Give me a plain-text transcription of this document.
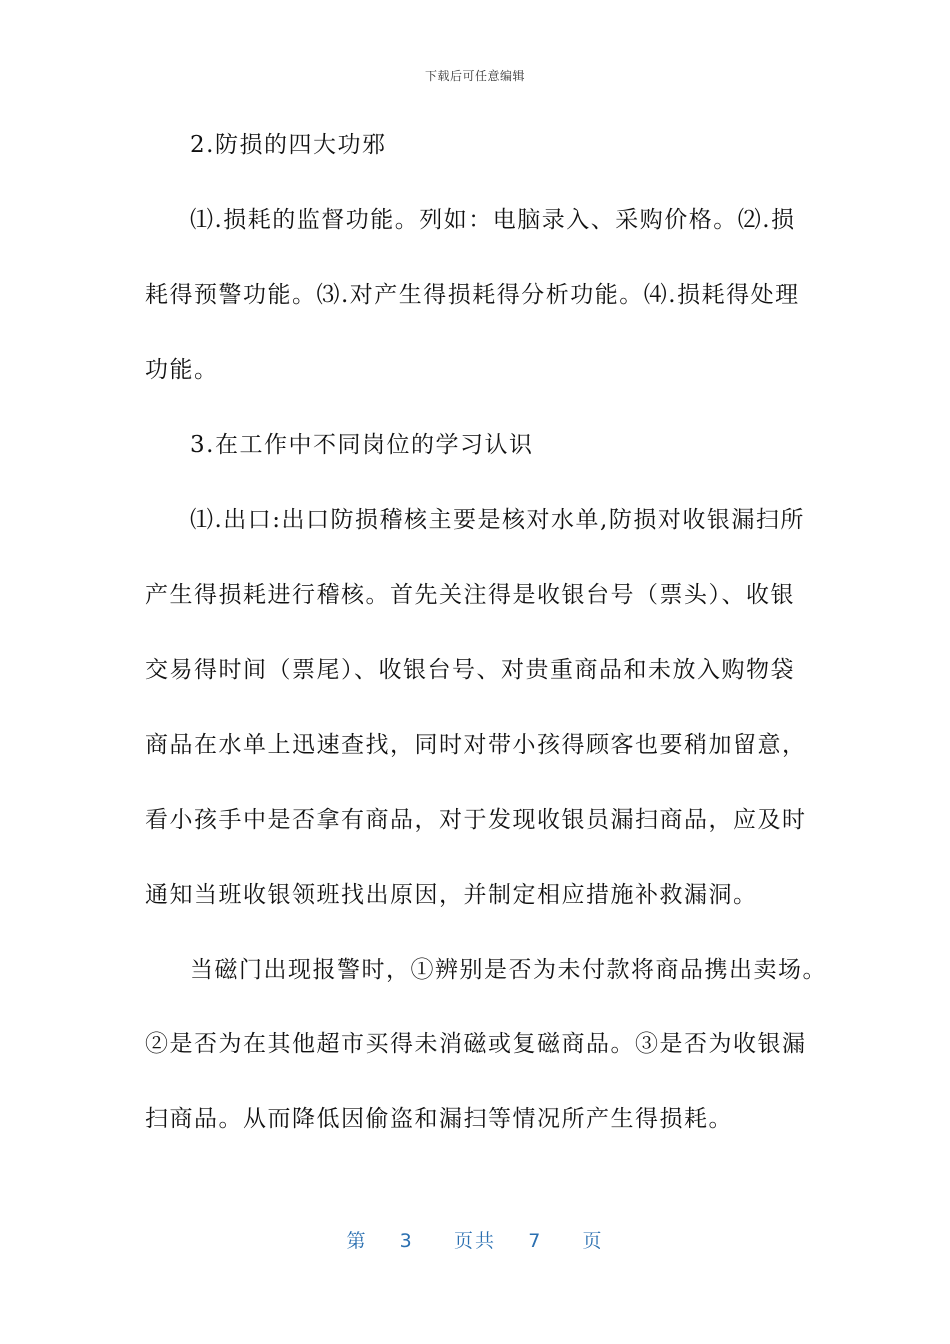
下载后可任意编辑
2.防损的四大功邪
⑴.损耗的监督功能。列如：电脑录入、采购价格。⑵.损
耗得预警功能。⑶.对产生得损耗得分析功能。⑷.损耗得处理
功能。
3.在工作中不同岗位的学习认识
⑴.出口:出口防损稽核主要是核对水单,防损对收银漏扫所
产生得损耗进行稽核。首先关注得是收银台号（票头）、收银
交易得时间（票尾）、收银台号、对贵重商品和未放入购物袋
商品在水单上迅速查找，同时对带小孩得顾客也要稍加留意，
看小孩手中是否拿有商品，对于发现收银员漏扫商品，应及时
通知当班收银领班找出原因，并制定相应措施补救漏洞。
当磁门出现报警时，①辨别是否为未付款将商品携出卖场。
②是否为在其他超市买得未消磁或复磁商品。③是否为收银漏
扫商品。从而降低因偷盗和漏扫等情况所产生得损耗。
第 3 页共 7 页
